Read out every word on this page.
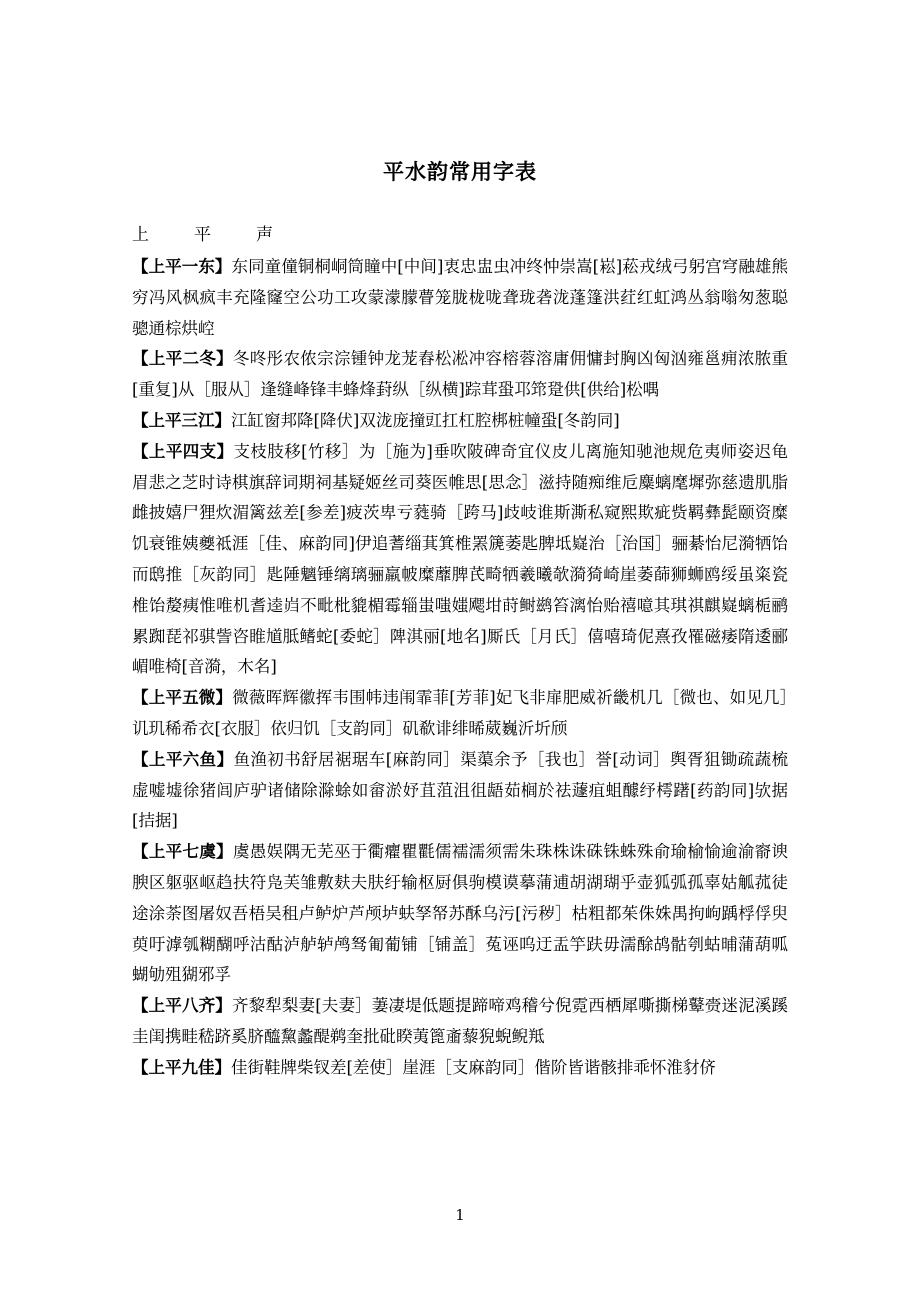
平水韵常用字表
上　平　声

【上平一东】东同童僮铜桐峒筒瞳中[中间]衷忠盅虫冲终忡崇嵩[崧]菘戎绒弓躬宫穹融雄熊穷冯风枫疯丰充隆窿空公功工攻蒙濛朦瞢笼胧栊咙聋珑砻泷蓬篷洪荭红虹鸿丛翁嗡匆葱聪骢通棕烘崆

【上平二冬】冬咚彤农侬宗淙锺钟龙茏舂松凇冲容榕蓉溶庸佣慵封胸凶匈汹雍邕痈浓脓重[重复]从［服从］逢缝峰锋丰蜂烽葑纵［纵横]踪茸蛩邛筇跫供[供给]松喁

【上平三江】江缸窗邦降[降伏]双泷庞撞豇扛杠腔梆桩幢蛩[冬韵同]

【上平四支】支枝肢移[竹移］为［施为]垂吹陂碑奇宜仪皮儿离施知驰池规危夷师姿迟龟眉悲之芝时诗棋旗辞词期祠基疑姬丝司葵医帷思[思念］滋持随痴维卮麋螭麾墀弥慈遗肌脂雌披嬉尸狸炊湄篱兹差[参差]疲茨卑亏蕤骑［跨马]歧岐谁斯澌私窥熙欺疵赀羁彝髭颐资糜饥衰锥姨夔祗涯［佳、麻韵同]伊追蓍缁萁箕椎罴篪萎匙脾坻嶷治［治国］骊綦怡尼漪牺饴而鸱推［灰韵同］匙陲魑锤缡璃骊羸帔糜蘼脾芪畸牺羲曦欹漪猗崎崖萎蒒狮蛳鸥绥虽粢瓷椎饴嫠痍惟唯机耆逵岿不毗枇貔楣霉辎蚩嗤媸飔坩莳鲥鹚笞漓怡贻禧噫其琪祺麒嶷螭栀鹂累踟琵祁骐訾咨睢馗胝鳍蛇[委蛇］陴淇丽[地名]厮氏［月氏］僖嘻琦伲熹孜罹磁痿隋逶郦嵋唯椅[音漪，木名]

【上平五微】微薇晖辉徽挥韦围帏违闱霏菲[芳菲]妃飞非扉肥威祈畿机几［微也、如见几］讥玑稀希衣[衣服］依归饥［支韵同］矶欷诽绯晞葳巍沂圻颀

【上平六鱼】鱼渔初书舒居裾琚车[麻韵同］渠蕖余予［我也］誉[动词］舆胥狙锄疏蔬梳虚嘘墟徐猪闾庐驴诸储除滁蜍如畲淤妤苴菹沮徂龉茹榈於祛蘧疽蛆醵纾樗躇[药韵同]欤据[拮据]

【上平七虞】虞愚娱隅无芜巫于衢癯瞿氍儒襦濡须需朱珠株诛硃铢蛛殊俞瑜榆愉逾渝窬谀腴区躯驱岖趋扶符凫芙雏敷麸夫肤纡输枢厨俱驹模谟摹蒲逋胡湖瑚乎壶狐弧孤辜姑觚菰徒途涂荼图屠奴吾梧吴租卢鲈炉芦颅垆蚨孥帑苏酥乌污[污秽］枯粗都茱侏姝禺拘岣踽桴俘臾萸吁滹瓠糊醐呼沽酤泸舻轳鸬驽匍葡铺［铺盖］菟诬呜迂盂竽趺毋濡酴鸪骷刳蛄晡蒲葫呱蝴劬殂猢邪孚

【上平八齐】齐黎犁梨妻[夫妻］萋凄堤低题提蹄啼鸡稽兮倪霓西栖犀嘶撕梯鼙赍迷泥溪蹊圭闺携畦嵇跻奚脐醯黧蠡醍鹈奎批砒睽荑篦齑藜猊蜺鲵羝

【上平九佳】佳街鞋牌柴钗差[差使］崖涯［支麻韵同］偕阶皆谐骸排乖怀淮豺侪

1
